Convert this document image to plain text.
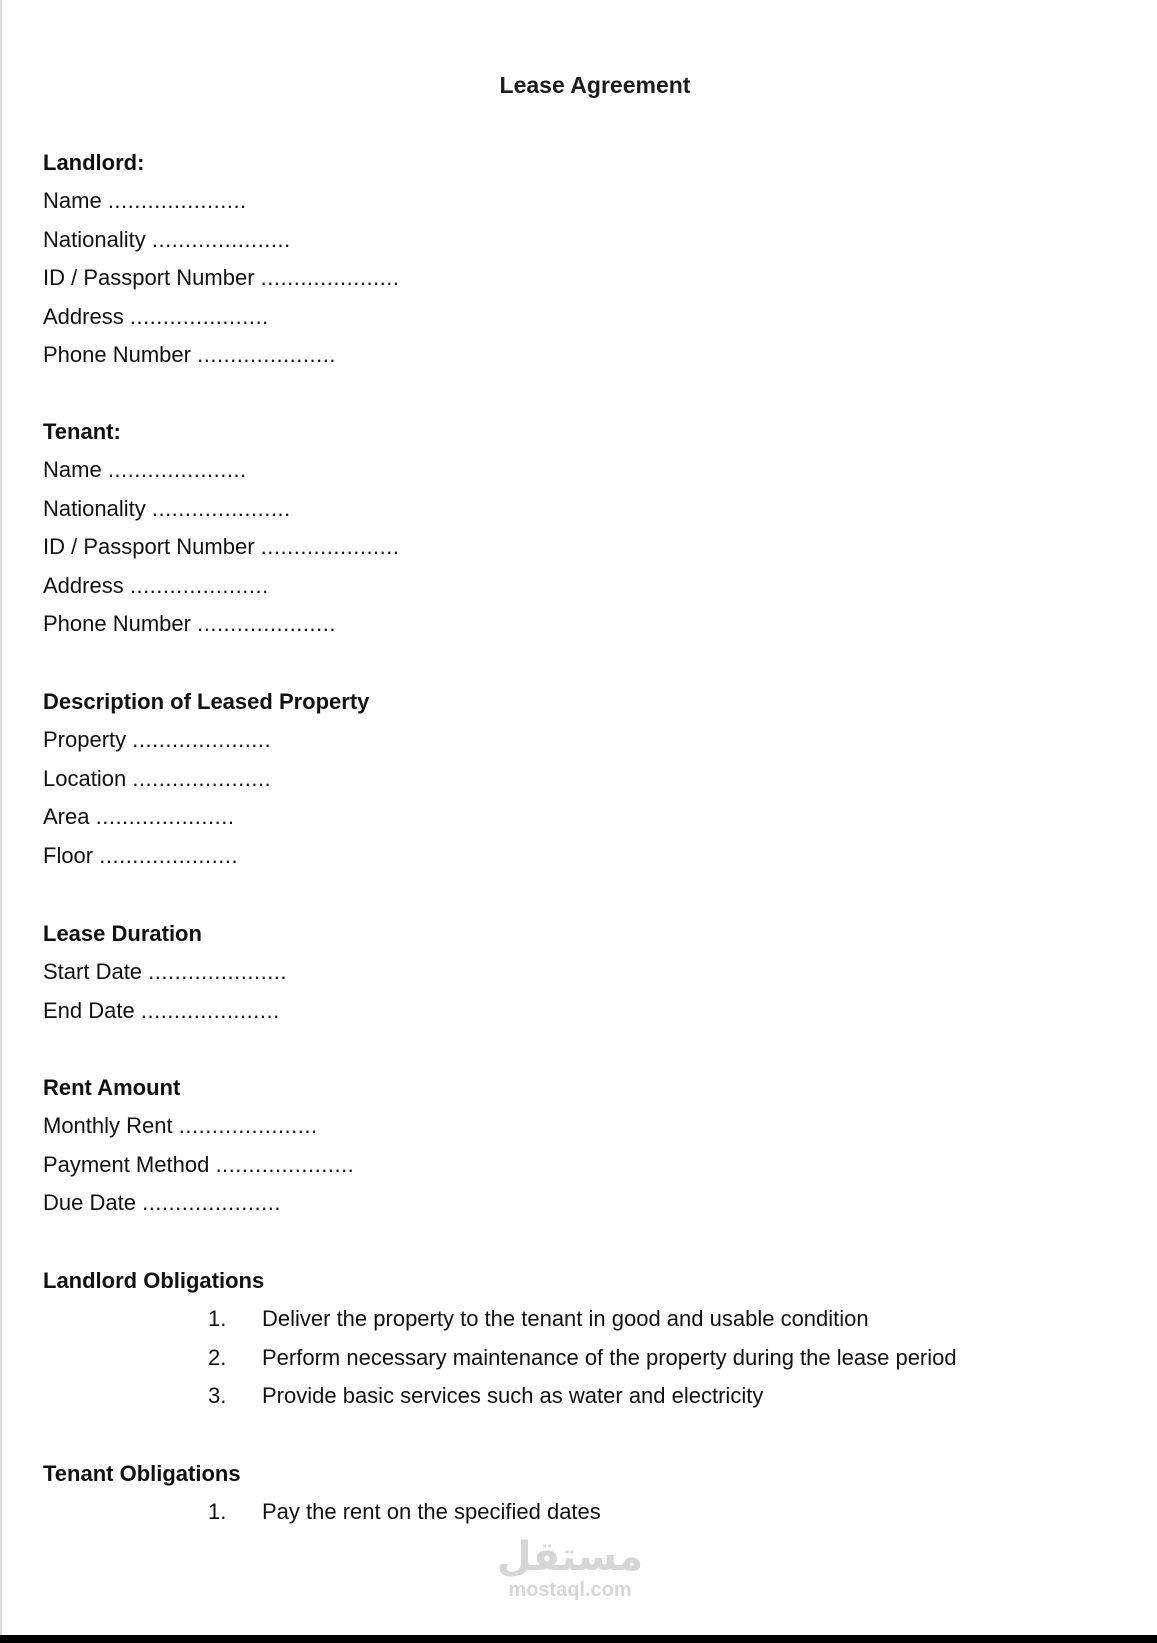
Lease Agreement
Landlord:
Name .....................
Nationality .....................
ID / Passport Number .....................
Address .....................
Phone Number .....................
Tenant:
Name .....................
Nationality .....................
ID / Passport Number .....................
Address .....................
Phone Number .....................
Description of Leased Property
Property .....................
Location .....................
Area .....................
Floor .....................
Lease Duration
Start Date .....................
End Date .....................
Rent Amount
Monthly Rent .....................
Payment Method .....................
Due Date .....................
Landlord Obligations
1. Deliver the property to the tenant in good and usable condition
2. Perform necessary maintenance of the property during the lease period
3. Provide basic services such as water and electricity
Tenant Obligations
1. Pay the rent on the specified dates
مستقل
mostaql.com
